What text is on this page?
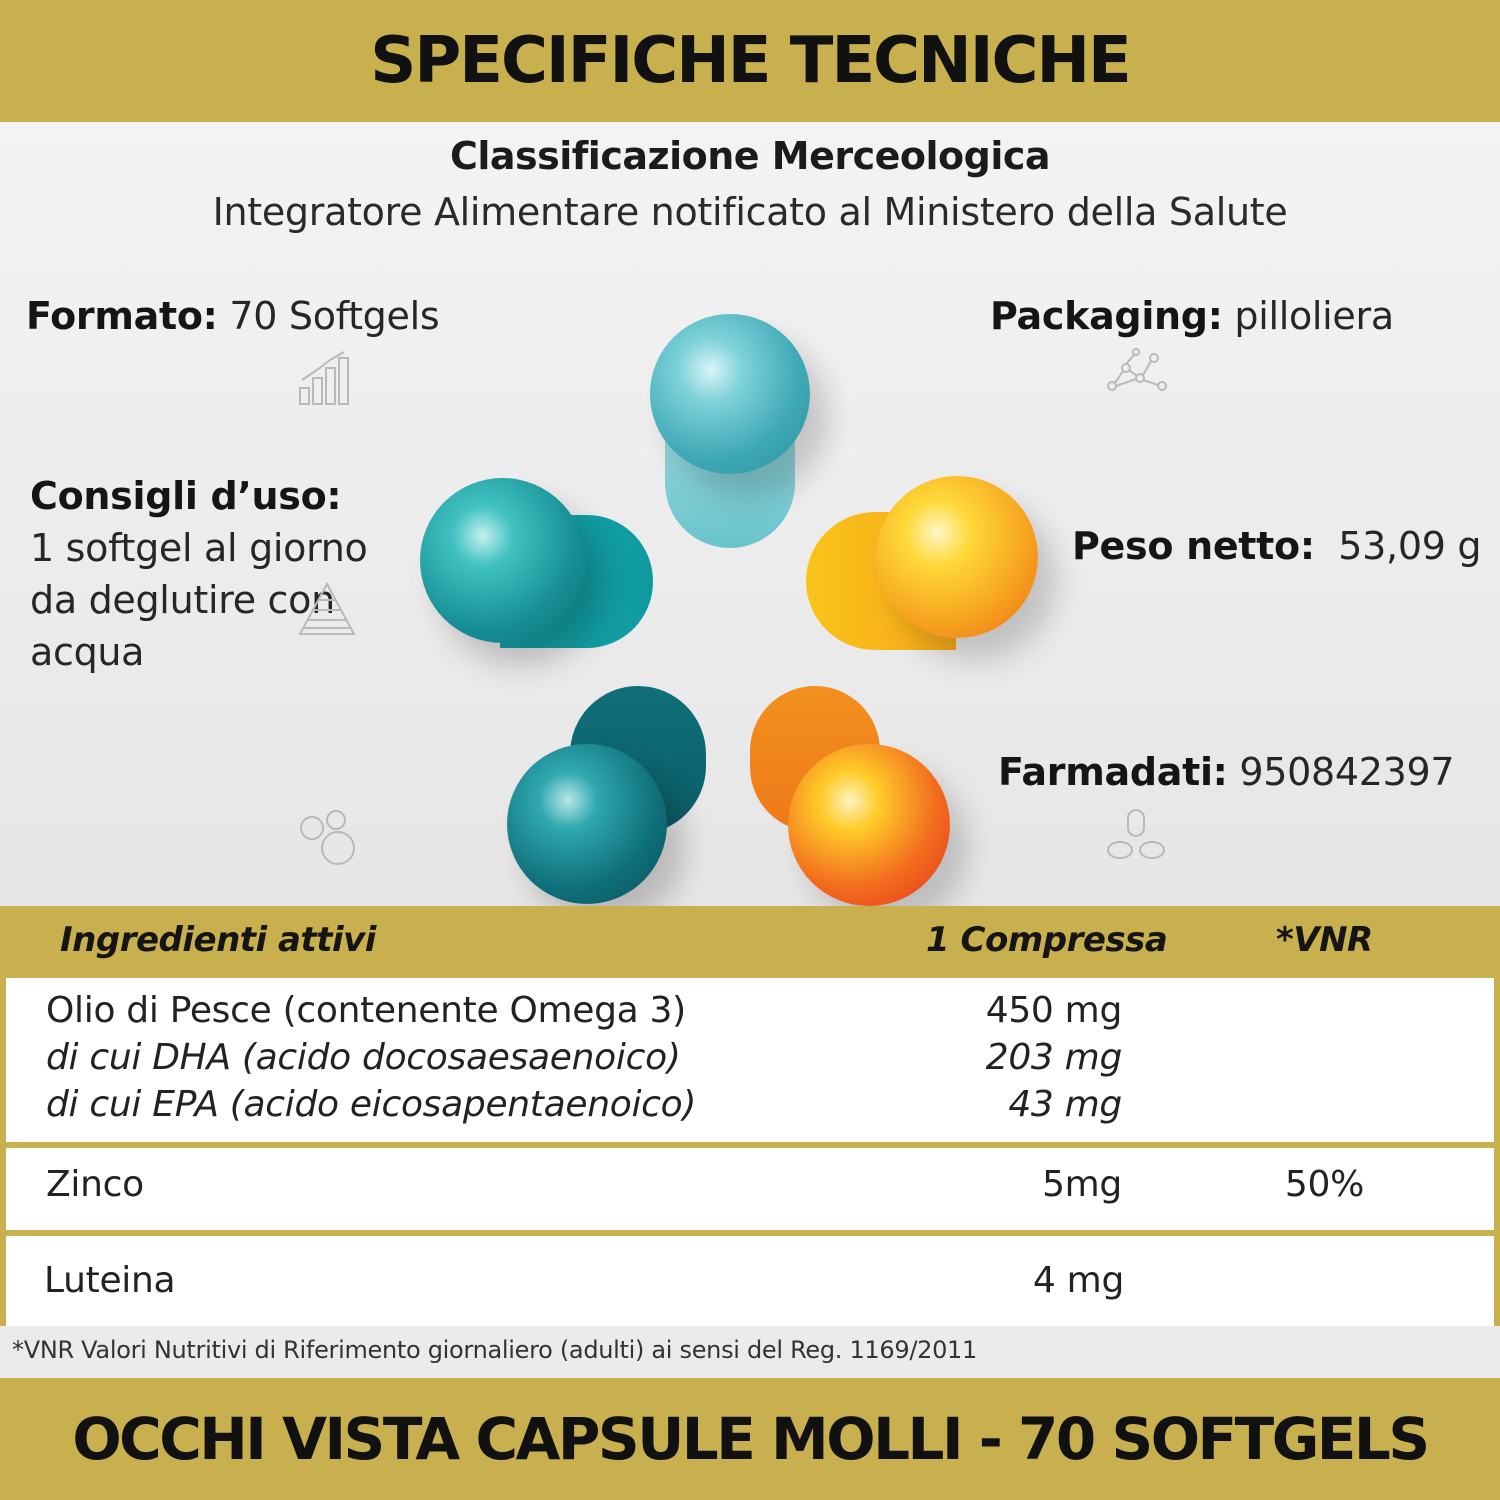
SPECIFICHE TECNICHE
Classificazione Merceologica
Integratore Alimentare notificato al Ministero della Salute
Formato: 70 Softgels	Packaging: pilloliera
Consigli d’uso:
1 softgel al giorno
da deglutire con
acqua
Peso netto:  53,09 g
Farmadati: 950842397
Ingredienti attivi	1 Compressa	*VNR
Olio di Pesce (contenente Omega 3)	450 mg
di cui DHA (acido docosaesaenoico)	203 mg
di cui EPA (acido eicosapentaenoico)	43 mg
Zinco	5mg	50%
Luteina	4 mg
*VNR Valori Nutritivi di Riferimento giornaliero (adulti) ai sensi del Reg. 1169/2011
OCCHI VISTA CAPSULE MOLLI - 70 SOFTGELS
